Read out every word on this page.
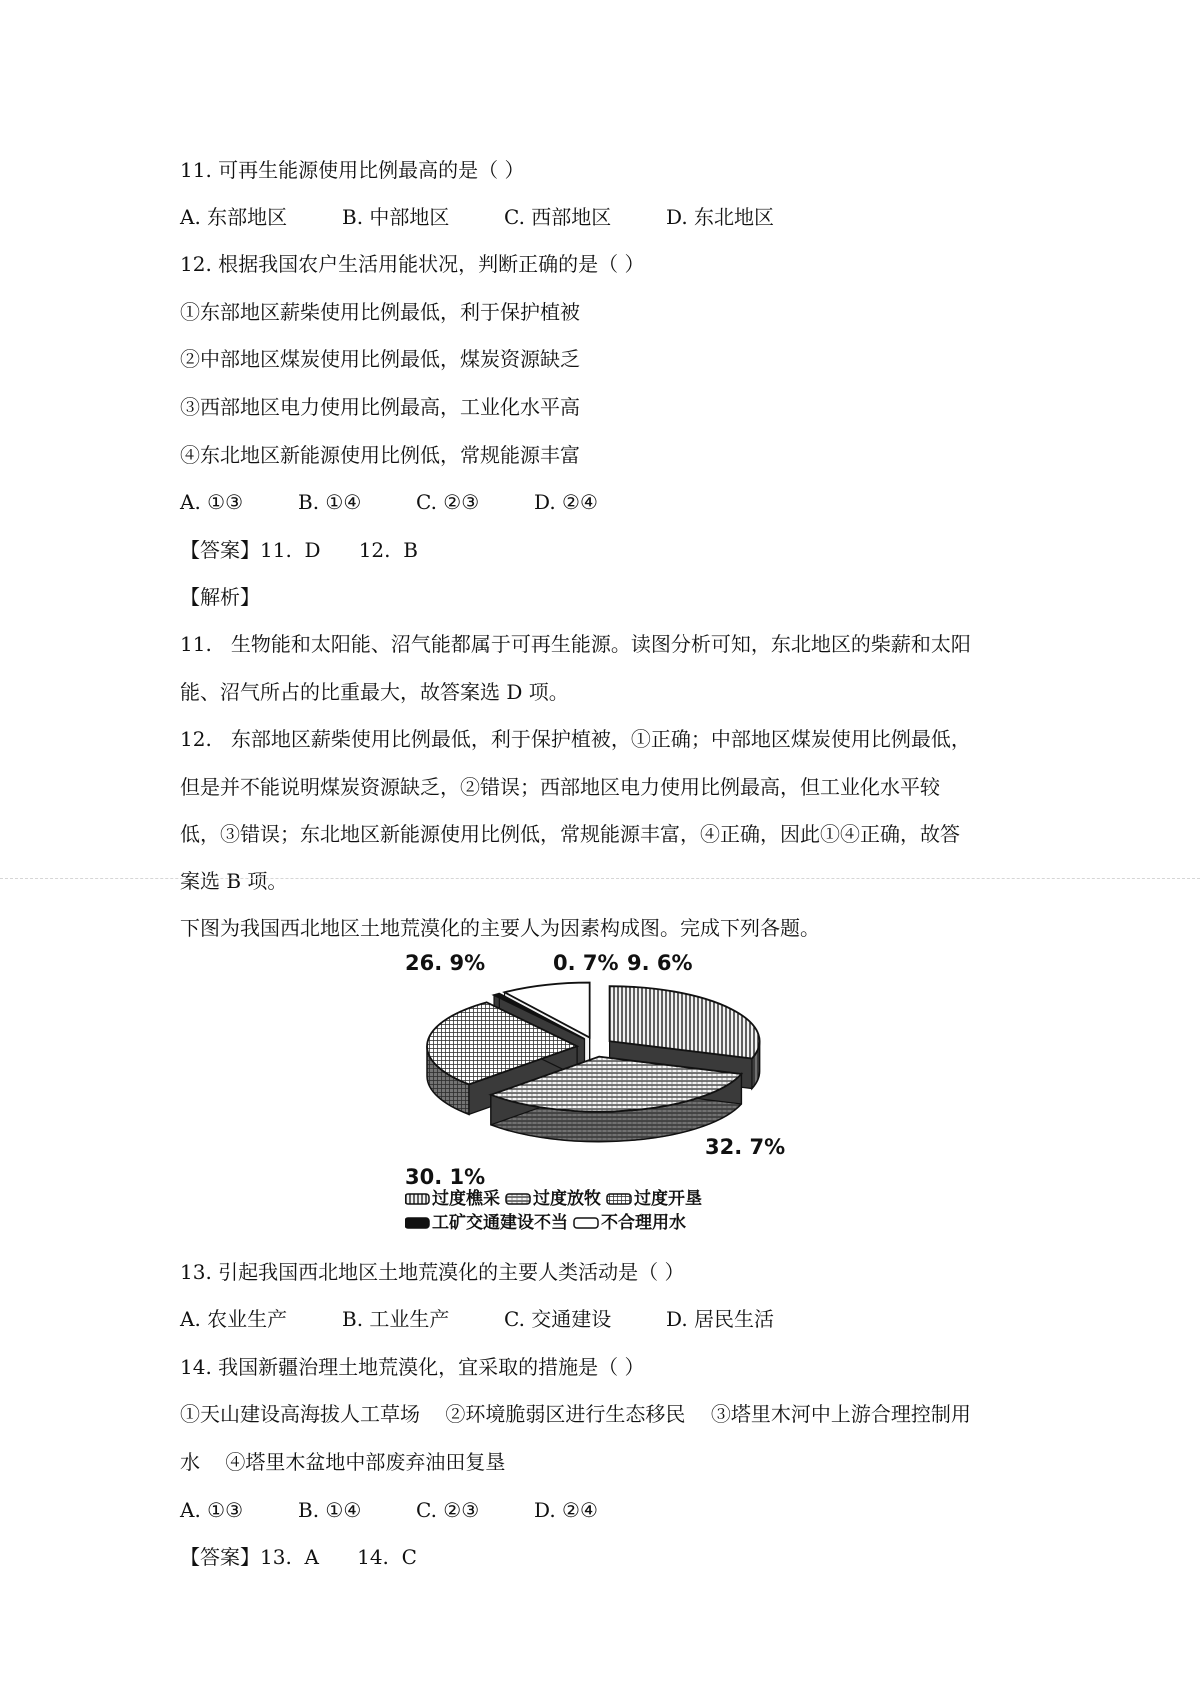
11. 可再生能源使用比例最高的是（ ）

A. 东部地区	B. 中部地区	C. 西部地区	D. 东北地区

12. 根据我国农户生活用能状况，判断正确的是（ ）

①东部地区薪柴使用比例最低，利于保护植被

②中部地区煤炭使用比例最低，煤炭资源缺乏

③西部地区电力使用比例最高，工业化水平高

④东北地区新能源使用比例低，常规能源丰富

A. ①③	B. ①④	C. ②③	D. ②④

【答案】11.  D      12.  B

【解析】

11.   生物能和太阳能、沼气能都属于可再生能源。读图分析可知，东北地区的柴薪和太阳

能、沼气所占的比重最大，故答案选 D 项。

12.   东部地区薪柴使用比例最低，利于保护植被，①正确；中部地区煤炭使用比例最低，

但是并不能说明煤炭资源缺乏，②错误；西部地区电力使用比例最高，但工业化水平较

低，③错误；东北地区新能源使用比例低，常规能源丰富，④正确，因此①④正确，故答

案选 B 项。

下图为我国西北地区土地荒漠化的主要人为因素构成图。完成下列各题。

30. 1%
32. 7%
26. 9%	0. 7% 9. 6%
过度樵采 过度放牧 过度开垦
工矿交通建设不当 不合理用水

13. 引起我国西北地区土地荒漠化的主要人类活动是（ ）

A. 农业生产	B. 工业生产	C. 交通建设	D. 居民生活

14. 我国新疆治理土地荒漠化，宜采取的措施是（ ）

①天山建设高海拔人工草场    ②环境脆弱区进行生态移民    ③塔里木河中上游合理控制用

水    ④塔里木盆地中部废弃油田复垦

A. ①③	B. ①④	C. ②③	D. ②④

【答案】13.  A      14.  C
